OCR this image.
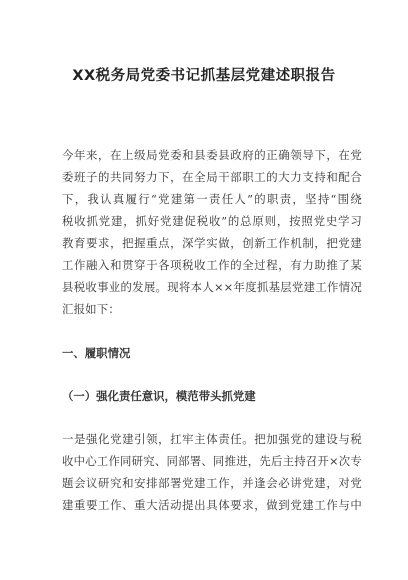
XX税务局党委书记抓基层党建述职报告

今年来，在上级局党委和县委县政府的正确领导下，在党

委班子的共同努力下，在全局干部职工的大力支持和配合

下，我认真履行“党建第一责任人”的职责，坚持“围绕

税收抓党建，抓好党建促税收”的总原则，按照党史学习

教育要求，把握重点，深学实做，创新工作机制，把党建

工作融入和贯穿于各项税收工作的全过程，有力助推了某

县税收事业的发展。现将本人××年度抓基层党建工作情况

汇报如下：

一、履职情况
（一）强化责任意识，模范带头抓党建

一是强化党建引领，扛牢主体责任。把加强党的建设与税

收中心工作同研究、同部署、同推进，先后主持召开×次专

题会议研究和安排部署党建工作，并逢会必讲党建，对党

建重要工作、重大活动提出具体要求，做到党建工作与中
